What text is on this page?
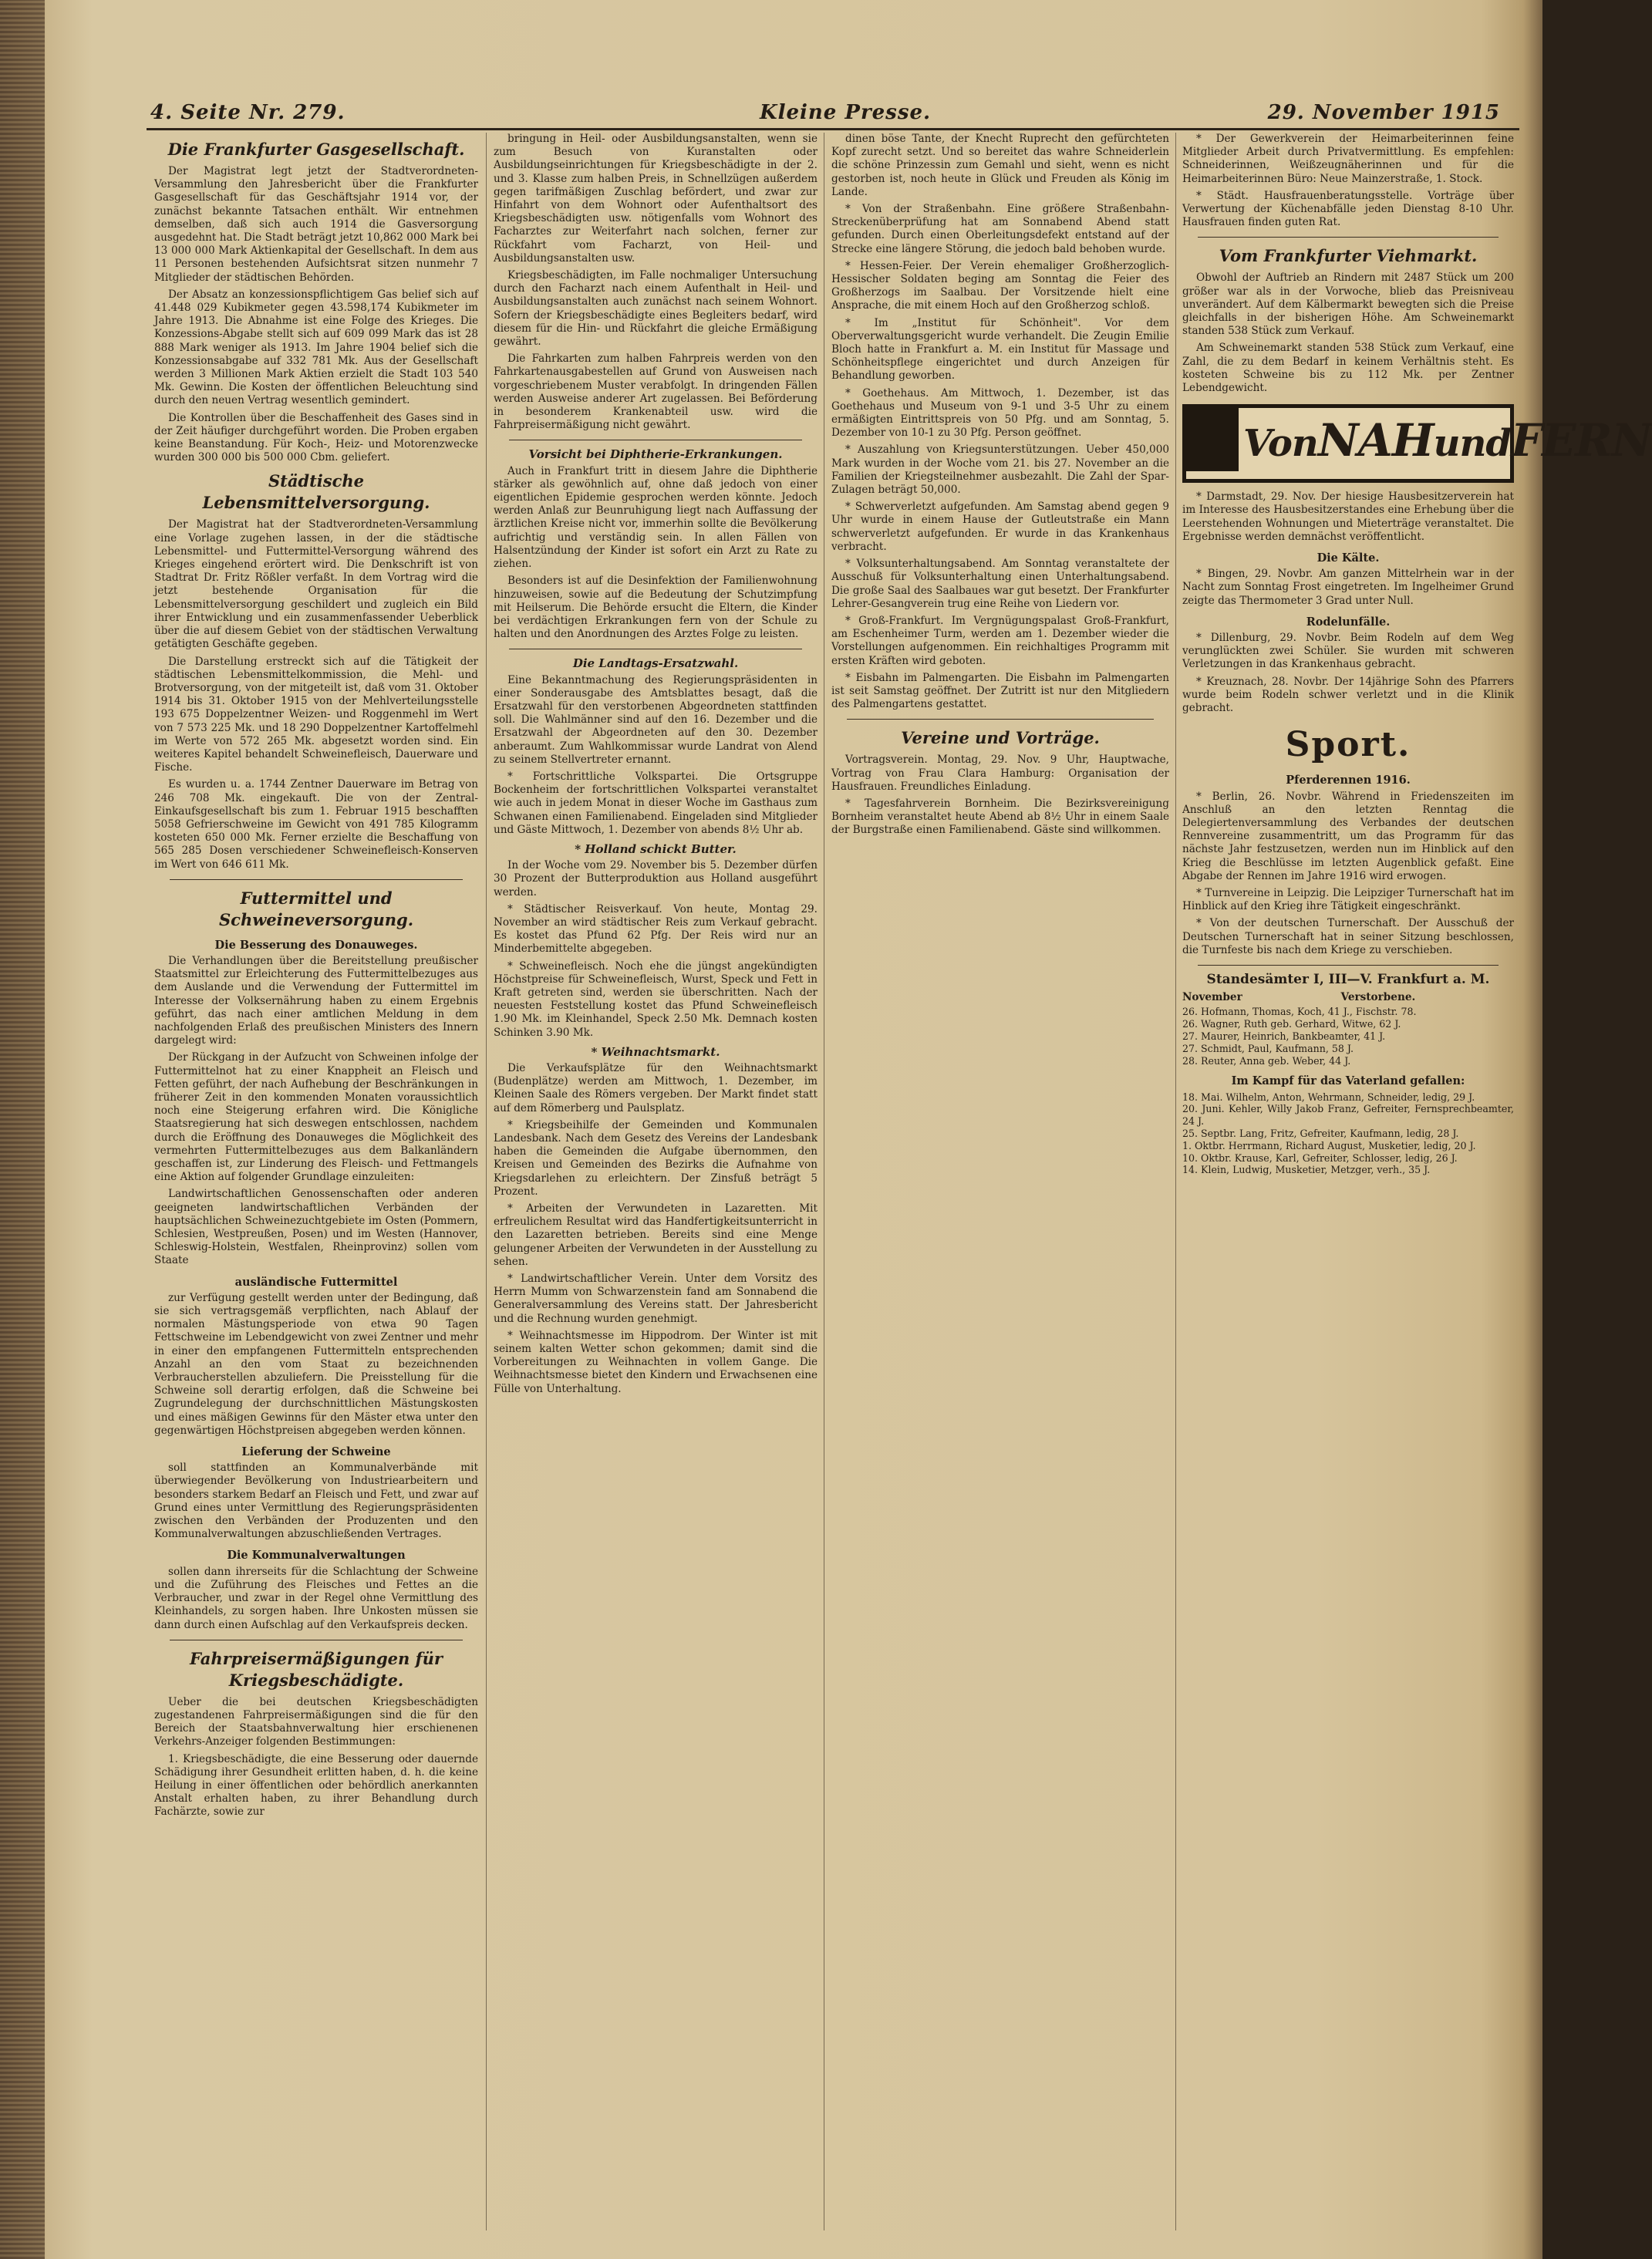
4. Seite Nr. 279.	Kleine Presse.	29. November 1915
Die Frankfurter Gasgesellschaft.

Der Magistrat legt jetzt der Stadtverordneten-Versammlung den Jahresbericht über die Frankfurter Gasgesellschaft für das Geschäftsjahr 1914 vor, der zunächst bekannte Tatsachen enthält. Wir entnehmen demselben, daß sich auch 1914 die Gasversorgung ausgedehnt hat. Die Stadt beträgt jetzt 10,862 000 Mark bei 13 000 000 Mark Aktienkapital der Gesellschaft. In dem aus 11 Personen bestehenden Aufsichtsrat sitzen nunmehr 7 Mitglieder der städtischen Behörden.

Der Absatz an konzessionspflichtigem Gas belief sich auf 41.448 029 Kubikmeter gegen 43.598,174 Kubikmeter im Jahre 1913. Die Abnahme ist eine Folge des Krieges. Die Konzessions-Abgabe stellt sich auf 609 099 Mark das ist 28 888 Mark weniger als 1913. Im Jahre 1904 belief sich die Konzessionsabgabe auf 332 781 Mk. Aus der Gesellschaft werden 3 Millionen Mark Aktien erzielt die Stadt 103 540 Mk. Gewinn. Die Kosten der öffentlichen Beleuchtung sind durch den neuen Vertrag wesentlich gemindert.

Die Kontrollen über die Beschaffenheit des Gases sind in der Zeit häufiger durchgeführt worden. Die Proben ergaben keine Beanstandung. Für Koch-, Heiz- und Motorenzwecke wurden 300 000 bis 500 000 Cbm. geliefert.

Städtische Lebensmittelversorgung.

Der Magistrat hat der Stadtverordneten-Versammlung eine Vorlage zugehen lassen, in der die städtische Lebensmittel- und Futtermittel-Versorgung während des Krieges eingehend erörtert wird. Die Denkschrift ist von Stadtrat Dr. Fritz Rößler verfaßt. In dem Vortrag wird die jetzt bestehende Organisation für die Lebensmittelversorgung geschildert und zugleich ein Bild ihrer Entwicklung und ein zusammenfassender Ueberblick über die auf diesem Gebiet von der städtischen Verwaltung getätigten Geschäfte gegeben.

Die Darstellung erstreckt sich auf die Tätigkeit der städtischen Lebensmittelkommission, die Mehl- und Brotversorgung, von der mitgeteilt ist, daß vom 31. Oktober 1914 bis 31. Oktober 1915 von der Mehlverteilungsstelle 193 675 Doppelzentner Weizen- und Roggenmehl im Wert von 7 573 225 Mk. und 18 290 Doppelzentner Kartoffelmehl im Werte von 572 265 Mk. abgesetzt worden sind. Ein weiteres Kapitel behandelt Schweinefleisch, Dauerware und Fische.

Es wurden u. a. 1744 Zentner Dauerware im Betrag von 246 708 Mk. eingekauft. Die von der Zentral-Einkaufsgesellschaft bis zum 1. Februar 1915 beschafften 5058 Gefrierschweine im Gewicht von 491 785 Kilogramm kosteten 650 000 Mk. Ferner erzielte die Beschaffung von 565 285 Dosen verschiedener Schweinefleisch-Konserven im Wert von 646 611 Mk.

Futtermittel und Schweineversorgung.
Die Besserung des Donauweges.

Die Verhandlungen über die Bereitstellung preußischer Staatsmittel zur Erleichterung des Futtermittelbezuges aus dem Auslande und die Verwendung der Futtermittel im Interesse der Volksernährung haben zu einem Ergebnis geführt, das nach einer amtlichen Meldung in dem nachfolgenden Erlaß des preußischen Ministers des Innern dargelegt wird:

Der Rückgang in der Aufzucht von Schweinen infolge der Futtermittelnot hat zu einer Knappheit an Fleisch und Fetten geführt, der nach Aufhebung der Beschränkungen in früherer Zeit in den kommenden Monaten voraussichtlich noch eine Steigerung erfahren wird. Die Königliche Staatsregierung hat sich deswegen entschlossen, nachdem durch die Eröffnung des Donauweges die Möglichkeit des vermehrten Futtermittelbezuges aus dem Balkanländern geschaffen ist, zur Linderung des Fleisch- und Fettmangels eine Aktion auf folgender Grundlage einzuleiten:

Landwirtschaftlichen Genossenschaften oder anderen geeigneten landwirtschaftlichen Verbänden der hauptsächlichen Schweinezuchtgebiete im Osten (Pommern, Schlesien, Westpreußen, Posen) und im Westen (Hannover, Schleswig-Holstein, Westfalen, Rheinprovinz) sollen vom Staate

ausländische Futtermittel

zur Verfügung gestellt werden unter der Bedingung, daß sie sich vertragsgemäß verpflichten, nach Ablauf der normalen Mästungsperiode von etwa 90 Tagen Fettschweine im Lebendgewicht von zwei Zentner und mehr in einer den empfangenen Futtermitteln entsprechenden Anzahl an den vom Staat zu bezeichnenden Verbraucherstellen abzuliefern. Die Preisstellung für die Schweine soll derartig erfolgen, daß die Schweine bei Zugrundelegung der durchschnittlichen Mästungskosten und eines mäßigen Gewinns für den Mäster etwa unter den gegenwärtigen Höchstpreisen abgegeben werden können.

Lieferung der Schweine

soll stattfinden an Kommunalverbände mit überwiegender Bevölkerung von Industriearbeitern und besonders starkem Bedarf an Fleisch und Fett, und zwar auf Grund eines unter Vermittlung des Regierungspräsidenten zwischen den Verbänden der Produzenten und den Kommunalverwaltungen abzuschließenden Vertrages.

Die Kommunalverwaltungen

sollen dann ihrerseits für die Schlachtung der Schweine und die Zuführung des Fleisches und Fettes an die Verbraucher, und zwar in der Regel ohne Vermittlung des Kleinhandels, zu sorgen haben. Ihre Unkosten müssen sie dann durch einen Aufschlag auf den Verkaufspreis decken.

Fahrpreisermäßigungen für Kriegsbeschädigte.

Ueber die bei deutschen Kriegsbeschädigten zugestandenen Fahrpreisermäßigungen sind die für den Bereich der Staatsbahnverwaltung hier erschienenen Verkehrs-Anzeiger folgenden Bestimmungen:

1. Kriegsbeschädigte, die eine Besserung oder dauernde Schädigung ihrer Gesundheit erlitten haben, d. h. die keine Heilung in einer öffentlichen oder behördlich anerkannten Anstalt erhalten haben, zu ihrer Behandlung durch Fachärzte, sowie zur

bringung in Heil- oder Ausbildungsanstalten, wenn sie zum Besuch von Kuranstalten oder Ausbildungseinrichtungen für Kriegsbeschädigte in der 2. und 3. Klasse zum halben Preis, in Schnellzügen außerdem gegen tarifmäßigen Zuschlag befördert, und zwar zur Hinfahrt von dem Wohnort oder Aufenthaltsort des Kriegsbeschädigten usw. nötigenfalls vom Wohnort des Facharztes zur Weiterfahrt nach solchen, ferner zur Rückfahrt vom Facharzt, von Heil- und Ausbildungsanstalten usw.

Kriegsbeschädigten, im Falle nochmaliger Untersuchung durch den Facharzt nach einem Aufenthalt in Heil- und Ausbildungsanstalten auch zunächst nach seinem Wohnort. Sofern der Kriegsbeschädigte eines Begleiters bedarf, wird diesem für die Hin- und Rückfahrt die gleiche Ermäßigung gewährt.

Die Fahrkarten zum halben Fahrpreis werden von den Fahrkartenausgabestellen auf Grund von Ausweisen nach vorgeschriebenem Muster verabfolgt. In dringenden Fällen werden Ausweise anderer Art zugelassen. Bei Beförderung in besonderem Krankenabteil usw. wird die Fahrpreisermäßigung nicht gewährt.

Vorsicht bei Diphtherie-Erkrankungen.

Auch in Frankfurt tritt in diesem Jahre die Diphtherie stärker als gewöhnlich auf, ohne daß jedoch von einer eigentlichen Epidemie gesprochen werden könnte. Jedoch werden Anlaß zur Beunruhigung liegt nach Auffassung der ärztlichen Kreise nicht vor, immerhin sollte die Bevölkerung aufrichtig und verständig sein. In allen Fällen von Halsentzündung der Kinder ist sofort ein Arzt zu Rate zu ziehen.

Besonders ist auf die Desinfektion der Familienwohnung hinzuweisen, sowie auf die Bedeutung der Schutzimpfung mit Heilserum. Die Behörde ersucht die Eltern, die Kinder bei verdächtigen Erkrankungen fern von der Schule zu halten und den Anordnungen des Arztes Folge zu leisten.

Die Landtags-Ersatzwahl.

Eine Bekanntmachung des Regierungspräsidenten in einer Sonderausgabe des Amtsblattes besagt, daß die Ersatzwahl für den verstorbenen Abgeordneten stattfinden soll. Die Wahlmänner sind auf den 16. Dezember und die Ersatzwahl der Abgeordneten auf den 30. Dezember anberaumt. Zum Wahlkommissar wurde Landrat von Alend zu seinem Stellvertreter ernannt.

* Fortschrittliche Volkspartei. Die Ortsgruppe Bockenheim der fortschrittlichen Volkspartei veranstaltet wie auch in jedem Monat in dieser Woche im Gasthaus zum Schwanen einen Familienabend. Eingeladen sind Mitglieder und Gäste Mittwoch, 1. Dezember von abends 8½ Uhr ab.

* Holland schickt Butter.

In der Woche vom 29. November bis 5. Dezember dürfen 30 Prozent der Butterproduktion aus Holland ausgeführt werden.

* Städtischer Reisverkauf. Von heute, Montag 29. November an wird städtischer Reis zum Verkauf gebracht. Es kostet das Pfund 62 Pfg. Der Reis wird nur an Minderbemittelte abgegeben.

* Schweinefleisch. Noch ehe die jüngst angekündigten Höchstpreise für Schweinefleisch, Wurst, Speck und Fett in Kraft getreten sind, werden sie überschritten. Nach der neuesten Feststellung kostet das Pfund Schweinefleisch 1.90 Mk. im Kleinhandel, Speck 2.50 Mk. Demnach kosten Schinken 3.90 Mk.

* Weihnachtsmarkt.

Die Verkaufsplätze für den Weihnachtsmarkt (Budenplätze) werden am Mittwoch, 1. Dezember, im Kleinen Saale des Römers vergeben. Der Markt findet statt auf dem Römerberg und Paulsplatz.

* Kriegsbeihilfe der Gemeinden und Kommunalen Landesbank. Nach dem Gesetz des Vereins der Landesbank haben die Gemeinden die Aufgabe übernommen, den Kreisen und Gemeinden des Bezirks die Aufnahme von Kriegsdarlehen zu erleichtern. Der Zinsfuß beträgt 5 Prozent.

* Arbeiten der Verwundeten in Lazaretten. Mit erfreulichem Resultat wird das Handfertigkeitsunterricht in den Lazaretten betrieben. Bereits sind eine Menge gelungener Arbeiten der Verwundeten in der Ausstellung zu sehen.

* Landwirtschaftlicher Verein. Unter dem Vorsitz des Herrn Mumm von Schwarzenstein fand am Sonnabend die Generalversammlung des Vereins statt. Der Jahresbericht und die Rechnung wurden genehmigt.

* Weihnachtsmesse im Hippodrom. Der Winter ist mit seinem kalten Wetter schon gekommen; damit sind die Vorbereitungen zu Weihnachten in vollem Gange. Die Weihnachtsmesse bietet den Kindern und Erwachsenen eine Fülle von Unterhaltung.

dinen böse Tante, der Knecht Ruprecht den gefürchteten Kopf zurecht setzt. Und so bereitet das wahre Schneiderlein die schöne Prinzessin zum Gemahl und sieht, wenn es nicht gestorben ist, noch heute in Glück und Freuden als König im Lande.

* Von der Straßenbahn. Eine größere Straßenbahn-Streckenüberprüfung hat am Sonnabend Abend statt gefunden. Durch einen Oberleitungsdefekt entstand auf der Strecke eine längere Störung, die jedoch bald behoben wurde.

* Hessen-Feier. Der Verein ehemaliger Großherzoglich-Hessischer Soldaten beging am Sonntag die Feier des Großherzogs im Saalbau. Der Vorsitzende hielt eine Ansprache, die mit einem Hoch auf den Großherzog schloß.

* Im „Institut für Schönheit". Vor dem Oberverwaltungsgericht wurde verhandelt. Die Zeugin Emilie Bloch hatte in Frankfurt a. M. ein Institut für Massage und Schönheitspflege eingerichtet und durch Anzeigen für Behandlung geworben.

* Goethehaus. Am Mittwoch, 1. Dezember, ist das Goethehaus und Museum von 9-1 und 3-5 Uhr zu einem ermäßigten Eintrittspreis von 50 Pfg. und am Sonntag, 5. Dezember von 10-1 zu 30 Pfg. Person geöffnet.

* Auszahlung von Kriegsunterstützungen. Ueber 450,000 Mark wurden in der Woche vom 21. bis 27. November an die Familien der Kriegsteilnehmer ausbezahlt. Die Zahl der Spar-Zulagen beträgt 50,000.

* Schwerverletzt aufgefunden. Am Samstag abend gegen 9 Uhr wurde in einem Hause der Gutleutstraße ein Mann schwerverletzt aufgefunden. Er wurde in das Krankenhaus verbracht.

* Volksunterhaltungsabend. Am Sonntag veranstaltete der Ausschuß für Volksunterhaltung einen Unterhaltungsabend. Die große Saal des Saalbaues war gut besetzt. Der Frankfurter Lehrer-Gesangverein trug eine Reihe von Liedern vor.

* Groß-Frankfurt. Im Vergnügungspalast Groß-Frankfurt, am Eschenheimer Turm, werden am 1. Dezember wieder die Vorstellungen aufgenommen. Ein reichhaltiges Programm mit ersten Kräften wird geboten.

* Eisbahn im Palmengarten. Die Eisbahn im Palmengarten ist seit Samstag geöffnet. Der Zutritt ist nur den Mitgliedern des Palmengartens gestattet.

Vereine und Vorträge.

Vortragsverein. Montag, 29. Nov. 9 Uhr, Hauptwache, Vortrag von Frau Clara Hamburg: Organisation der Hausfrauen. Freundliches Einladung.

* Tagesfahrverein Bornheim. Die Bezirksvereinigung Bornheim veranstaltet heute Abend ab 8½ Uhr in einem Saale der Burgstraße einen Familienabend. Gäste sind willkommen.

* Der Gewerkverein der Heimarbeiterinnen feine Mitglieder Arbeit durch Privatvermittlung. Es empfehlen: Schneiderinnen, Weißzeugnäherinnen und für die Heimarbeiterinnen Büro: Neue Mainzerstraße, 1. Stock.

* Städt. Hausfrauenberatungsstelle. Vorträge über Verwertung der Küchenabfälle jeden Dienstag 8-10 Uhr. Hausfrauen finden guten Rat.

Vom Frankfurter Viehmarkt.

Obwohl der Auftrieb an Rindern mit 2487 Stück um 200 größer war als in der Vorwoche, blieb das Preisniveau unverändert. Auf dem Kälbermarkt bewegten sich die Preise gleichfalls in der bisherigen Höhe. Am Schweinemarkt standen 538 Stück zum Verkauf.

Am Schweinemarkt standen 538 Stück zum Verkauf, eine Zahl, die zu dem Bedarf in keinem Verhältnis steht. Es kosteten Schweine bis zu 112 Mk. per Zentner Lebendgewicht.

VonNAHundFERN

* Darmstadt, 29. Nov. Der hiesige Hausbesitzerverein hat im Interesse des Hausbesitzerstandes eine Erhebung über die Leerstehenden Wohnungen und Mieterträge veranstaltet. Die Ergebnisse werden demnächst veröffentlicht.

Die Kälte.

* Bingen, 29. Novbr. Am ganzen Mittelrhein war in der Nacht zum Sonntag Frost eingetreten. Im Ingelheimer Grund zeigte das Thermometer 3 Grad unter Null.

Rodelunfälle.

* Dillenburg, 29. Novbr. Beim Rodeln auf dem Weg verunglückten zwei Schüler. Sie wurden mit schweren Verletzungen in das Krankenhaus gebracht.

* Kreuznach, 28. Novbr. Der 14jährige Sohn des Pfarrers wurde beim Rodeln schwer verletzt und in die Klinik gebracht.

Sport.
Pferderennen 1916.

* Berlin, 26. Novbr. Während in Friedenszeiten im Anschluß an den letzten Renntag die Delegiertenversammlung des Verbandes der deutschen Rennvereine zusammentritt, um das Programm für das nächste Jahr festzusetzen, werden nun im Hinblick auf den Krieg die Beschlüsse im letzten Augenblick gefaßt. Eine Abgabe der Rennen im Jahre 1916 wird erwogen.

* Turnvereine in Leipzig. Die Leipziger Turnerschaft hat im Hinblick auf den Krieg ihre Tätigkeit eingeschränkt.

* Von der deutschen Turnerschaft. Der Ausschuß der Deutschen Turnerschaft hat in seiner Sitzung beschlossen, die Turnfeste bis nach dem Kriege zu verschieben.

Standesämter I, III—V. Frankfurt a. M.
November	Verstorbene.

26. Hofmann, Thomas, Koch, 41 J., Fischstr. 78.
26. Wagner, Ruth geb. Gerhard, Witwe, 62 J.
27. Maurer, Heinrich, Bankbeamter, 41 J.
27. Schmidt, Paul, Kaufmann, 58 J.
28. Reuter, Anna geb. Weber, 44 J.

Im Kampf für das Vaterland gefallen:

18. Mai. Wilhelm, Anton, Wehrmann, Schneider, ledig, 29 J.
20. Juni. Kehler, Willy Jakob Franz, Gefreiter, Fernsprechbeamter, 24 J.
25. Septbr. Lang, Fritz, Gefreiter, Kaufmann, ledig, 28 J.
1. Oktbr. Herrmann, Richard August, Musketier, ledig, 20 J.
10. Oktbr. Krause, Karl, Gefreiter, Schlosser, ledig, 26 J.
14. Klein, Ludwig, Musketier, Metzger, verh., 35 J.
